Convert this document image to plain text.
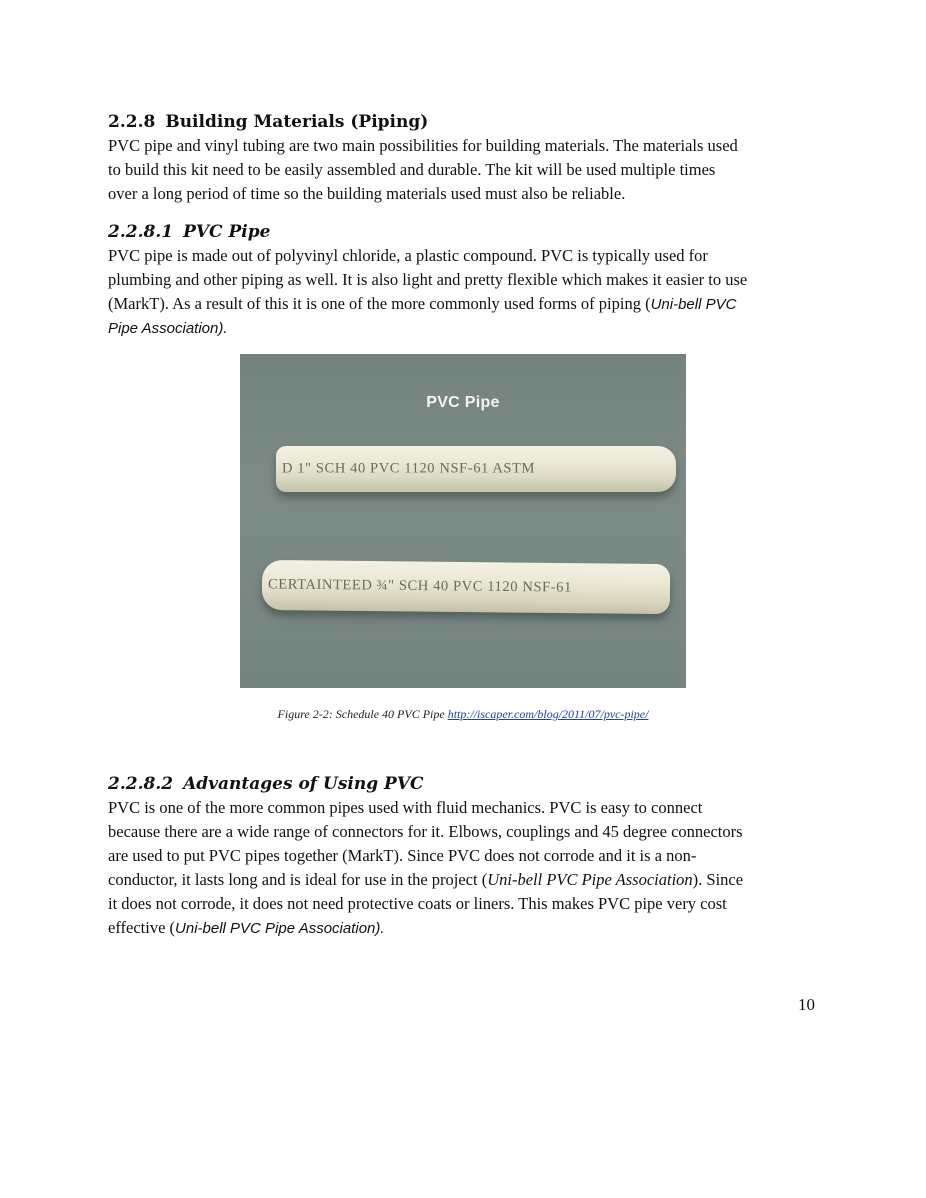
2.2.8 Building Materials (Piping)
PVC pipe and vinyl tubing are two main possibilities for building materials. The materials used
to build this kit need to be easily assembled and durable. The kit will be used multiple times
over a long period of time so the building materials used must also be reliable.
2.2.8.1 PVC Pipe
PVC pipe is made out of polyvinyl chloride, a plastic compound. PVC is typically used for
plumbing and other piping as well. It is also light and pretty flexible which makes it easier to use
(MarkT). As a result of this it is one of the more commonly used forms of piping (Uni-bell PVC
Pipe Association).
PVC Pipe
D 1" SCH 40 PVC 1120 NSF-61 ASTM
CERTAINTEED ¾" SCH 40 PVC 1120 NSF-61
Figure 2-2: Schedule 40 PVC Pipe http://iscaper.com/blog/2011/07/pvc-pipe/
2.2.8.2 Advantages of Using PVC
PVC is one of the more common pipes used with fluid mechanics. PVC is easy to connect
because there are a wide range of connectors for it. Elbows, couplings and 45 degree connectors
are used to put PVC pipes together (MarkT). Since PVC does not corrode and it is a non-
conductor, it lasts long and is ideal for use in the project (Uni-bell PVC Pipe Association). Since
it does not corrode, it does not need protective coats or liners. This makes PVC pipe very cost
effective (Uni-bell PVC Pipe Association).
10
